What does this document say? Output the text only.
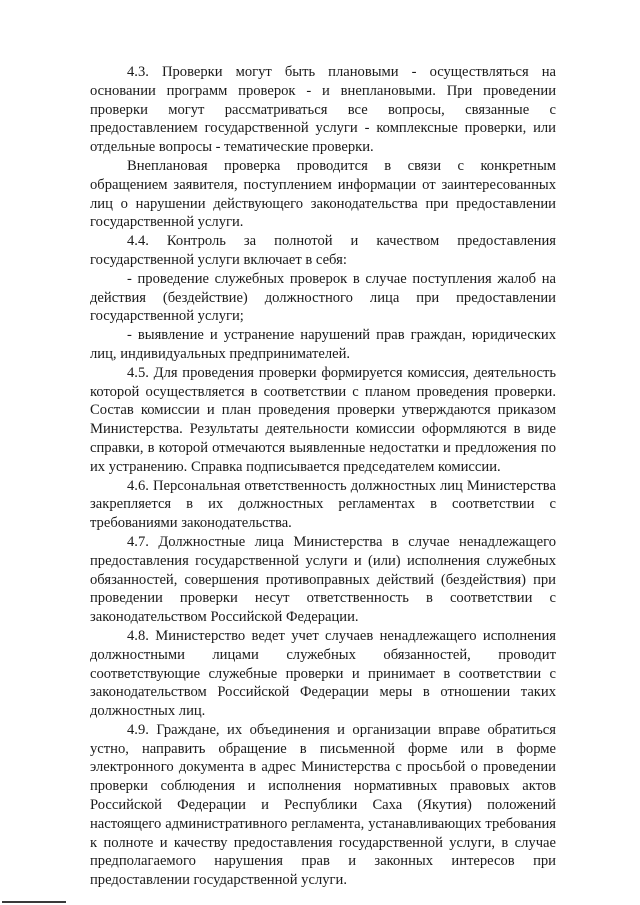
4.3. Проверки могут быть плановыми - осуществляться на основании программ проверок - и внеплановыми. При проведении проверки могут рассматриваться все вопросы, связанные с предоставлением государственной услуги - комплексные проверки, или отдельные вопросы - тематические проверки.

Внеплановая проверка проводится в связи с конкретным обращением заявителя, поступлением информации от заинтересованных лиц о нарушении действующего законодательства при предоставлении государственной услуги.

4.4. Контроль за полнотой и качеством предоставления государственной услуги включает в себя:

- проведение служебных проверок в случае поступления жалоб на действия (бездействие) должностного лица при предоставлении государственной услуги;

- выявление и устранение нарушений прав граждан, юридических лиц, индивидуальных предпринимателей.

4.5. Для проведения проверки формируется комиссия, деятельность которой осуществляется в соответствии с планом проведения проверки. Состав комиссии и план проведения проверки утверждаются приказом Министерства. Результаты деятельности комиссии оформляются в виде справки, в которой отмечаются выявленные недостатки и предложения по их устранению. Справка подписывается председателем комиссии.

4.6. Персональная ответственность должностных лиц Министерства закрепляется в их должностных регламентах в соответствии с требованиями законодательства.

4.7. Должностные лица Министерства в случае ненадлежащего предоставления государственной услуги и (или) исполнения служебных обязанностей, совершения противоправных действий (бездействия) при проведении проверки несут ответственность в соответствии с законодательством Российской Федерации.

4.8. Министерство ведет учет случаев ненадлежащего исполнения должностными лицами служебных обязанностей, проводит соответствующие служебные проверки и принимает в соответствии с законодательством Российской Федерации меры в отношении таких должностных лиц.

4.9. Граждане, их объединения и организации вправе обратиться устно, направить обращение в письменной форме или в форме электронного документа в адрес Министерства с просьбой о проведении проверки соблюдения и исполнения нормативных правовых актов Российской Федерации и Республики Саха (Якутия) положений настоящего административного регламента, устанавливающих требования к полноте и качеству предоставления государственной услуги, в случае предполагаемого нарушения прав и законных интересов при предоставлении государственной услуги.
